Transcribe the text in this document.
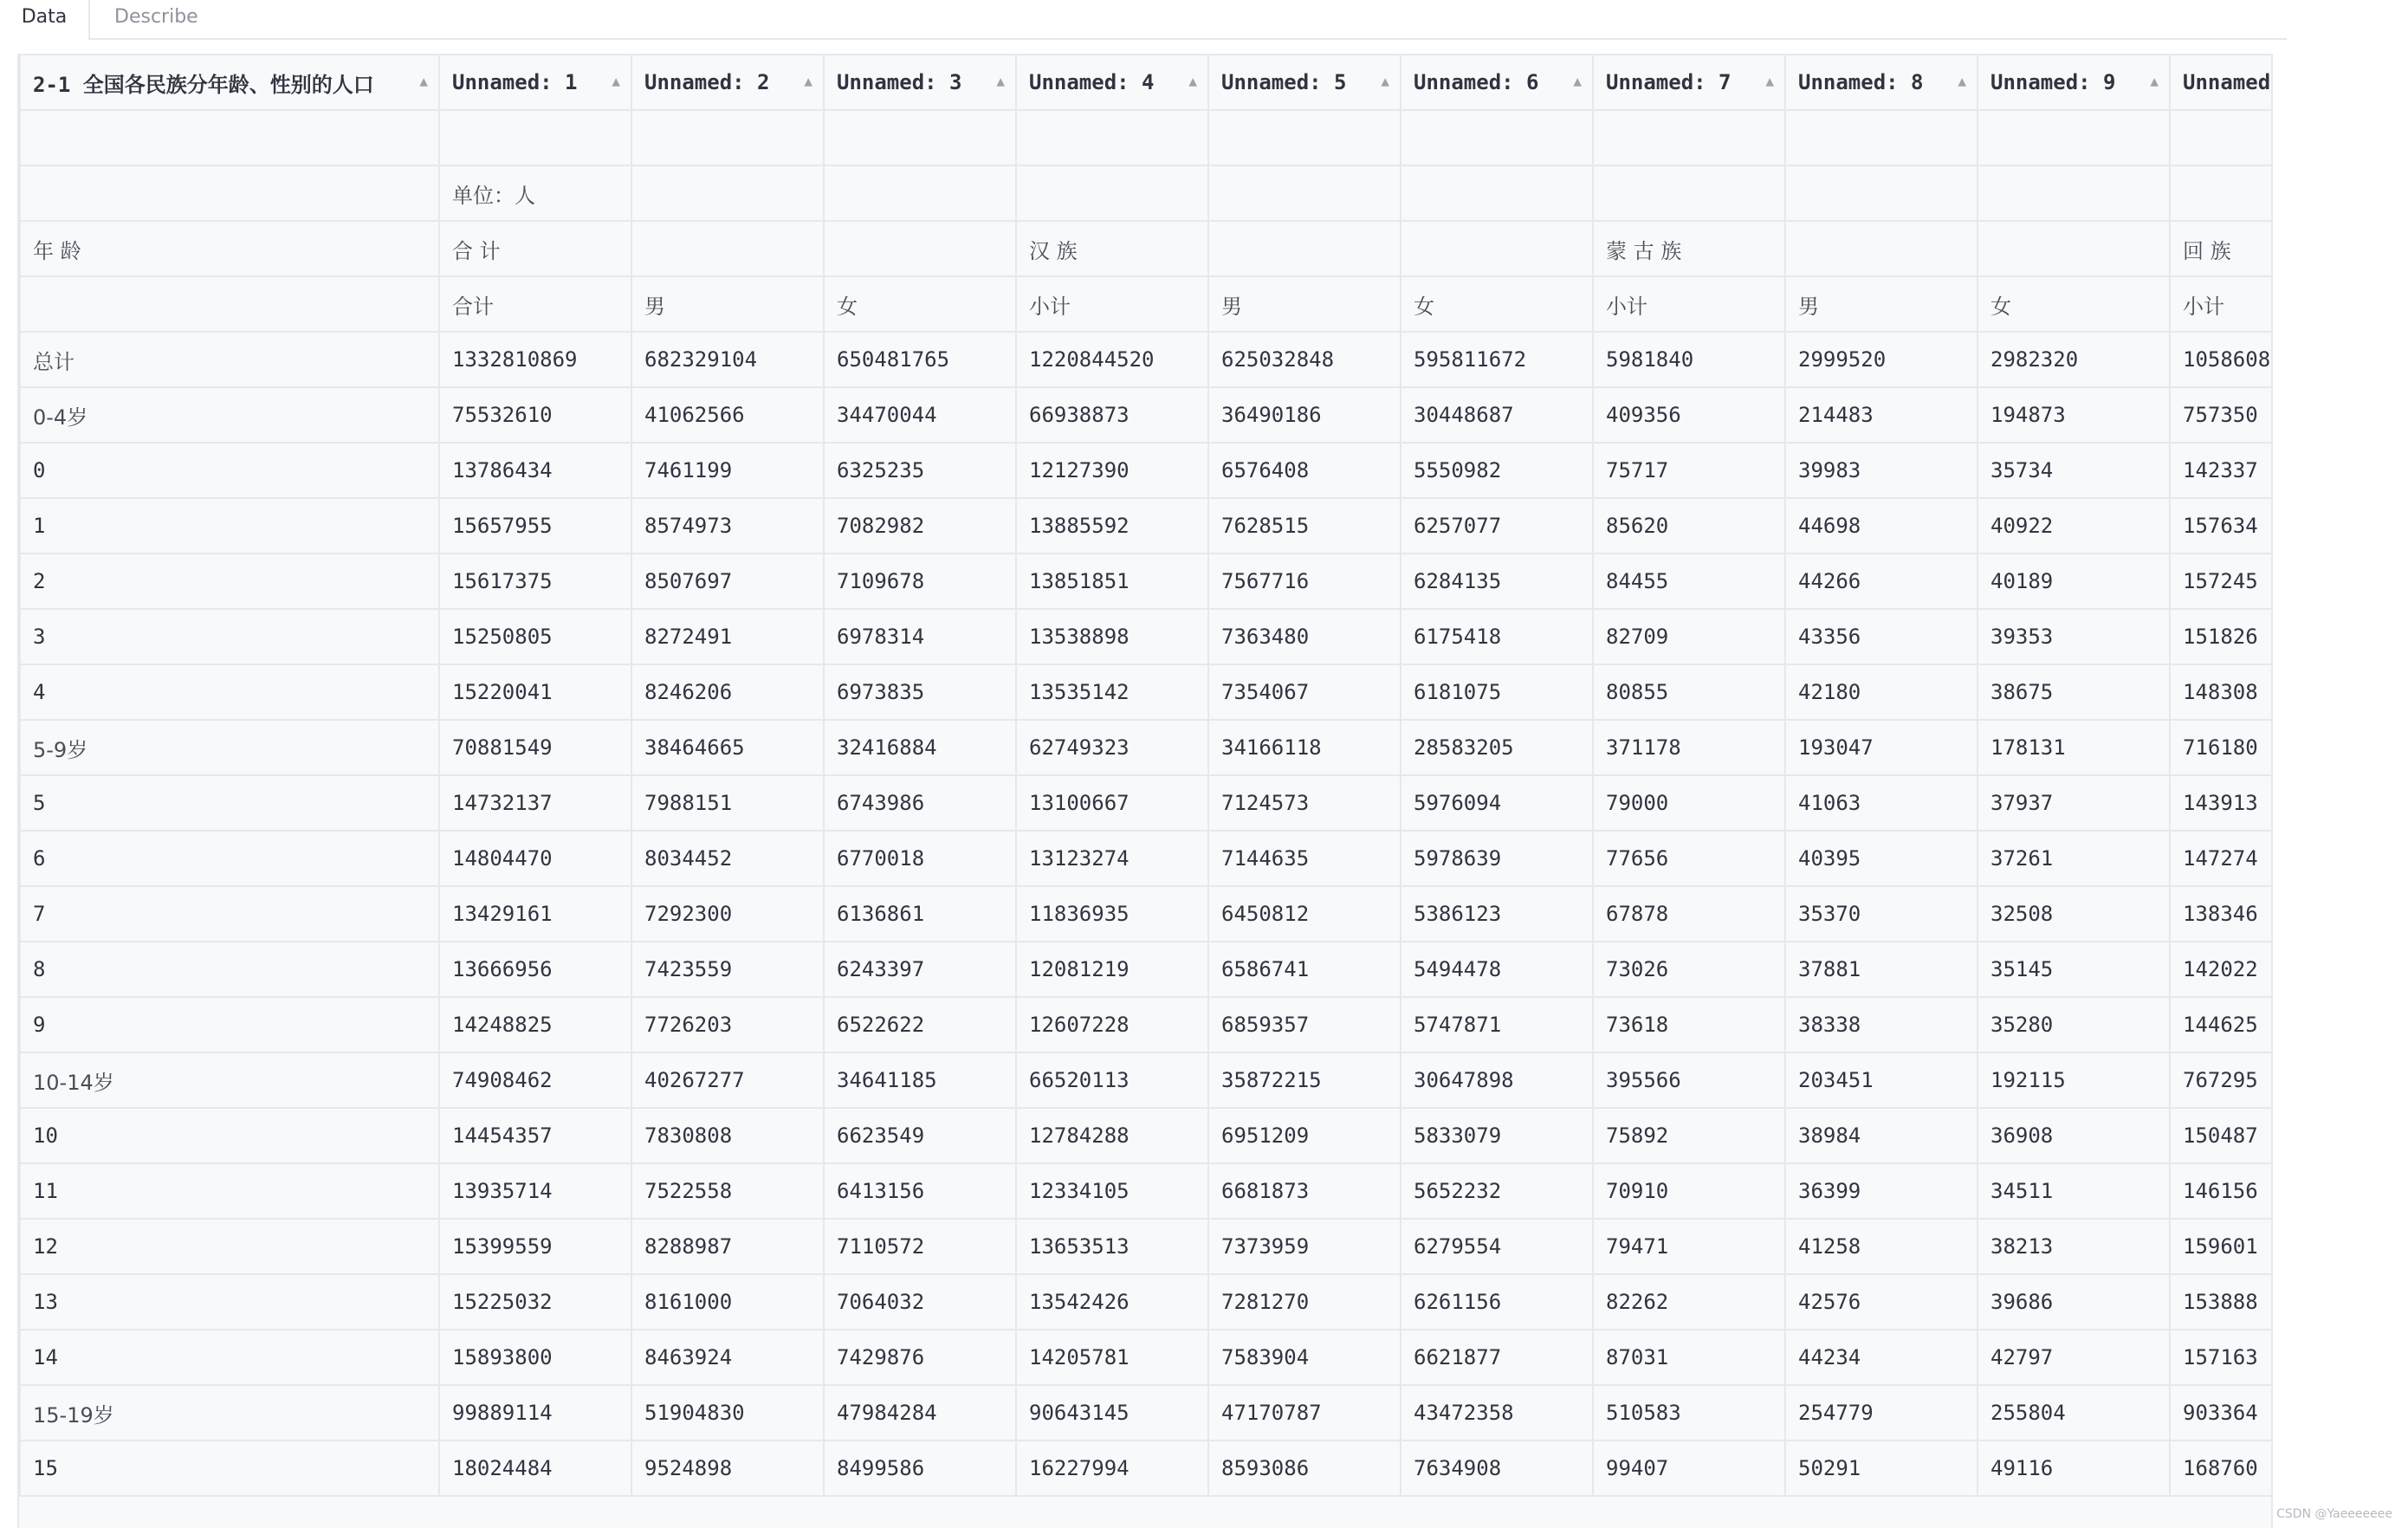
Data	Describe
2-1 全国各民族分年龄、性别的人口 ▲	Unnamed: 1 ▲	Unnamed: 2 ▲	Unnamed: 3 ▲	Unnamed: 4 ▲	Unnamed: 5 ▲	Unnamed: 6 ▲	Unnamed: 7 ▲	Unnamed: 8 ▲	Unnamed: 9 ▲	Unnamed

	单位：人									
年 龄	合 计			汉 族			蒙 古 族			回 族
	合计	男	女	小计	男	女	小计	男	女	小计
总计	1332810869	682329104	650481765	1220844520	625032848	595811672	5981840	2999520	2982320	1058608
0-4岁	75532610	41062566	34470044	66938873	36490186	30448687	409356	214483	194873	757350
0	13786434	7461199	6325235	12127390	6576408	5550982	75717	39983	35734	142337
1	15657955	8574973	7082982	13885592	7628515	6257077	85620	44698	40922	157634
2	15617375	8507697	7109678	13851851	7567716	6284135	84455	44266	40189	157245
3	15250805	8272491	6978314	13538898	7363480	6175418	82709	43356	39353	151826
4	15220041	8246206	6973835	13535142	7354067	6181075	80855	42180	38675	148308
5-9岁	70881549	38464665	32416884	62749323	34166118	28583205	371178	193047	178131	716180
5	14732137	7988151	6743986	13100667	7124573	5976094	79000	41063	37937	143913
6	14804470	8034452	6770018	13123274	7144635	5978639	77656	40395	37261	147274
7	13429161	7292300	6136861	11836935	6450812	5386123	67878	35370	32508	138346
8	13666956	7423559	6243397	12081219	6586741	5494478	73026	37881	35145	142022
9	14248825	7726203	6522622	12607228	6859357	5747871	73618	38338	35280	144625
10-14岁	74908462	40267277	34641185	66520113	35872215	30647898	395566	203451	192115	767295
10	14454357	7830808	6623549	12784288	6951209	5833079	75892	38984	36908	150487
11	13935714	7522558	6413156	12334105	6681873	5652232	70910	36399	34511	146156
12	15399559	8288987	7110572	13653513	7373959	6279554	79471	41258	38213	159601
13	15225032	8161000	7064032	13542426	7281270	6261156	82262	42576	39686	153888
14	15893800	8463924	7429876	14205781	7583904	6621877	87031	44234	42797	157163
15-19岁	99889114	51904830	47984284	90643145	47170787	43472358	510583	254779	255804	903364
15	18024484	9524898	8499586	16227994	8593086	7634908	99407	50291	49116	168760
CSDN @Yaeeeeeee
